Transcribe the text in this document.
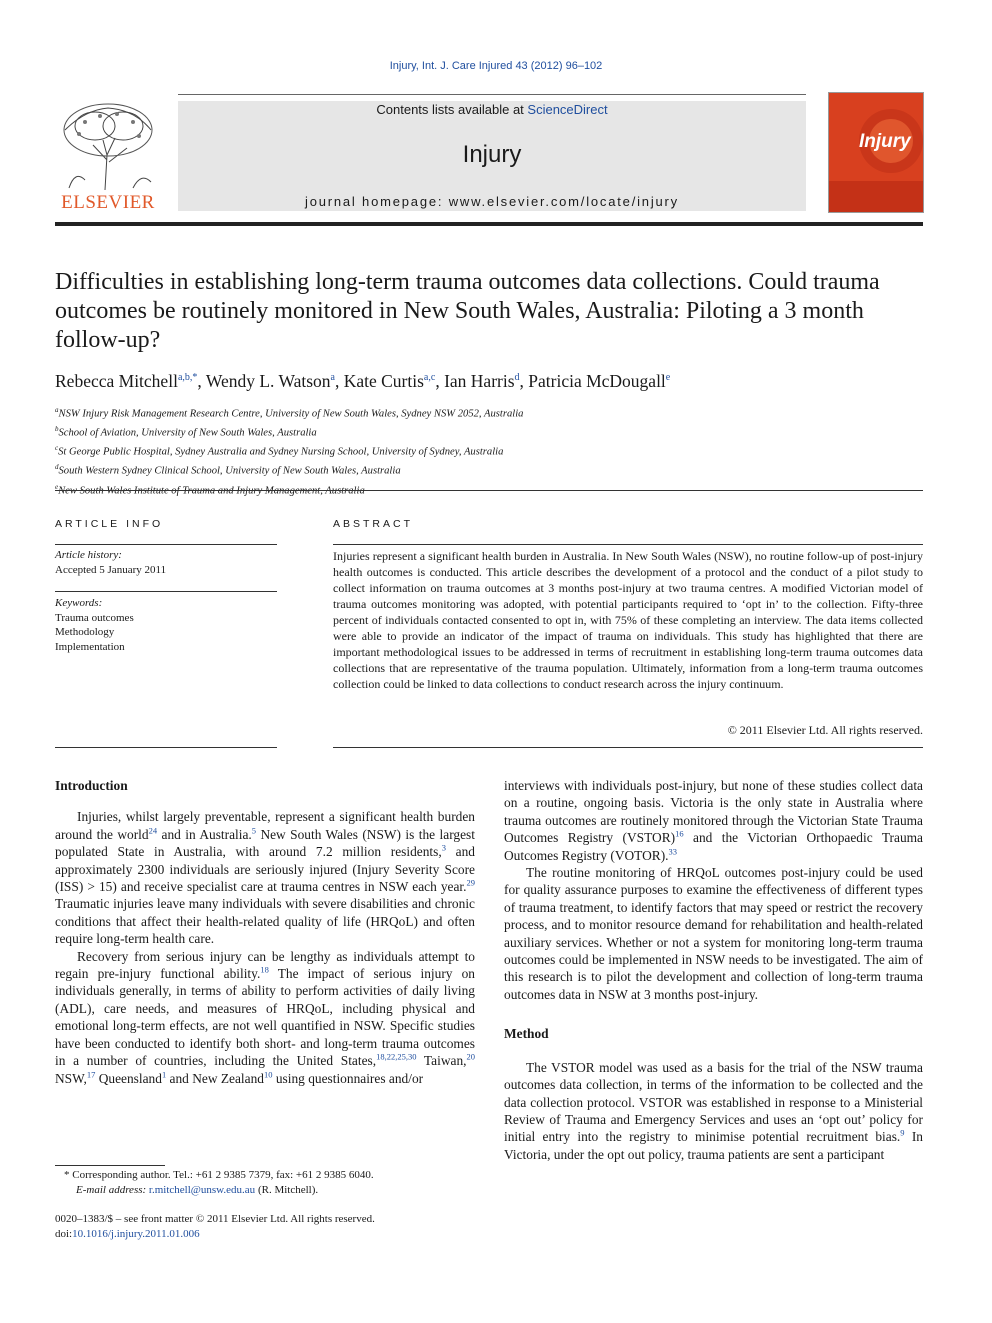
Injury, Int. J. Care Injured 43 (2012) 96–102
Contents lists available at ScienceDirect
Injury
journal homepage: www.elsevier.com/locate/injury
ELSEVIER
Injury
Difficulties in establishing long-term trauma outcomes data collections. Could trauma outcomes be routinely monitored in New South Wales, Australia: Piloting a 3 month follow-up?
Rebecca Mitchell$^{a,b,*}$, Wendy L. Watson$^a$, Kate Curtis$^{a,c}$, Ian Harris$^d$, Patricia McDougall$^e$
$^a$NSW Injury Risk Management Research Centre, University of New South Wales, Sydney NSW 2052, Australia
$^b$School of Aviation, University of New South Wales, Australia
$^c$St George Public Hospital, Sydney Australia and Sydney Nursing School, University of Sydney, Australia
$^d$South Western Sydney Clinical School, University of New South Wales, Australia
$^e$
ARTICLE INFO
Article history:
Accepted 5 January 2011
Keywords:
Trauma outcomes
Methodology
Implementation
ABSTRACT
Injuries represent a significant health burden in Australia. In New South Wales (NSW), no routine follow-up of post-injury health outcomes is conducted. This article describes the development of a protocol and the conduct of a pilot study to collect information on trauma outcomes at 3 months post-injury at two trauma centres. A modified Victorian model of trauma outcomes monitoring was adopted, with potential participants required to ‘opt in’ to the collection. Fifty-three percent of individuals contacted consented to opt in, with 75% of these completing an interview. The data items collected were able to provide an indicator of the impact of trauma on individuals. This study has highlighted that there are important methodological issues to be addressed in terms of recruitment in establishing long-term trauma outcomes data collections that are representative of the trauma population. Ultimately, information from a long-term trauma outcomes collection could be linked to data collections to conduct research across the injury continuum.
© 2011 Elsevier Ltd. All rights reserved.
Introduction

Injuries, whilst largely preventable, represent a significant health burden around the world$^{24}$ and in Australia.$^5$ New South Wales (NSW) is the largest populated State in Australia, with around 7.2 million residents,$^3$ and approximately 2300 individuals are seriously injured (Injury Severity Score (ISS) > 15) and receive specialist care at trauma centres in NSW each year.$^{29}$ Traumatic injuries leave many individuals with severe disabilities and chronic conditions that affect their health-related quality of life (HRQoL) and often require long-term health care.

Recovery from serious injury can be lengthy as individuals attempt to regain pre-injury functional ability.$^{18}$ The impact of serious injury on individuals generally, in terms of ability to perform activities of daily living (ADL), care needs, and measures of HRQoL, including physical and emotional long-term effects, are not well quantified in NSW. Specific studies have been conducted to identify both short- and long-term trauma outcomes in a number of countries, including the United States,$^{18,22,25,30}$ Taiwan,$^{20}$ NSW,$^{17}$ Queensland$^1$ and New Zealand$^{10}$ using questionnaires and/or

* Corresponding author. Tel.: +61 2 9385 7379, fax: +61 2 9385 6040.
E-mail address: r.mitchell@unsw.edu.au (R. Mitchell).
0020–1383/$ – see front matter © 2011 Elsevier Ltd. All rights reserved.
doi:10.1016/j.injury.2011.01.006

interviews with individuals post-injury, but none of these studies collect data on a routine, ongoing basis. Victoria is the only state in Australia where trauma outcomes are routinely monitored through the Victorian State Trauma Outcomes Registry (VSTOR)$^{16}$ and the Victorian Orthopaedic Trauma Outcomes Registry (VOTOR).$^{33}$

The routine monitoring of HRQoL outcomes post-injury could be used for quality assurance purposes to examine the effectiveness of different types of trauma treatment, to identify factors that may speed or restrict the recovery process, and to monitor resource demand for rehabilitation and health-related auxiliary services. Whether or not a system for monitoring long-term trauma outcomes could be implemented in NSW needs to be investigated. The aim of this research is to pilot the development and collection of long-term trauma outcomes data in NSW at 3 months post-injury.

Method

The VSTOR model was used as a basis for the trial of the NSW trauma outcomes data collection, in terms of the information to be collected and the data collection protocol. VSTOR was established in response to a Ministerial Review of Trauma and Emergency Services and uses an ‘opt out’ policy for initial entry into the registry to minimise potential recruitment bias.$^9$ In Victoria, under the opt out policy, trauma patients are sent a participant
